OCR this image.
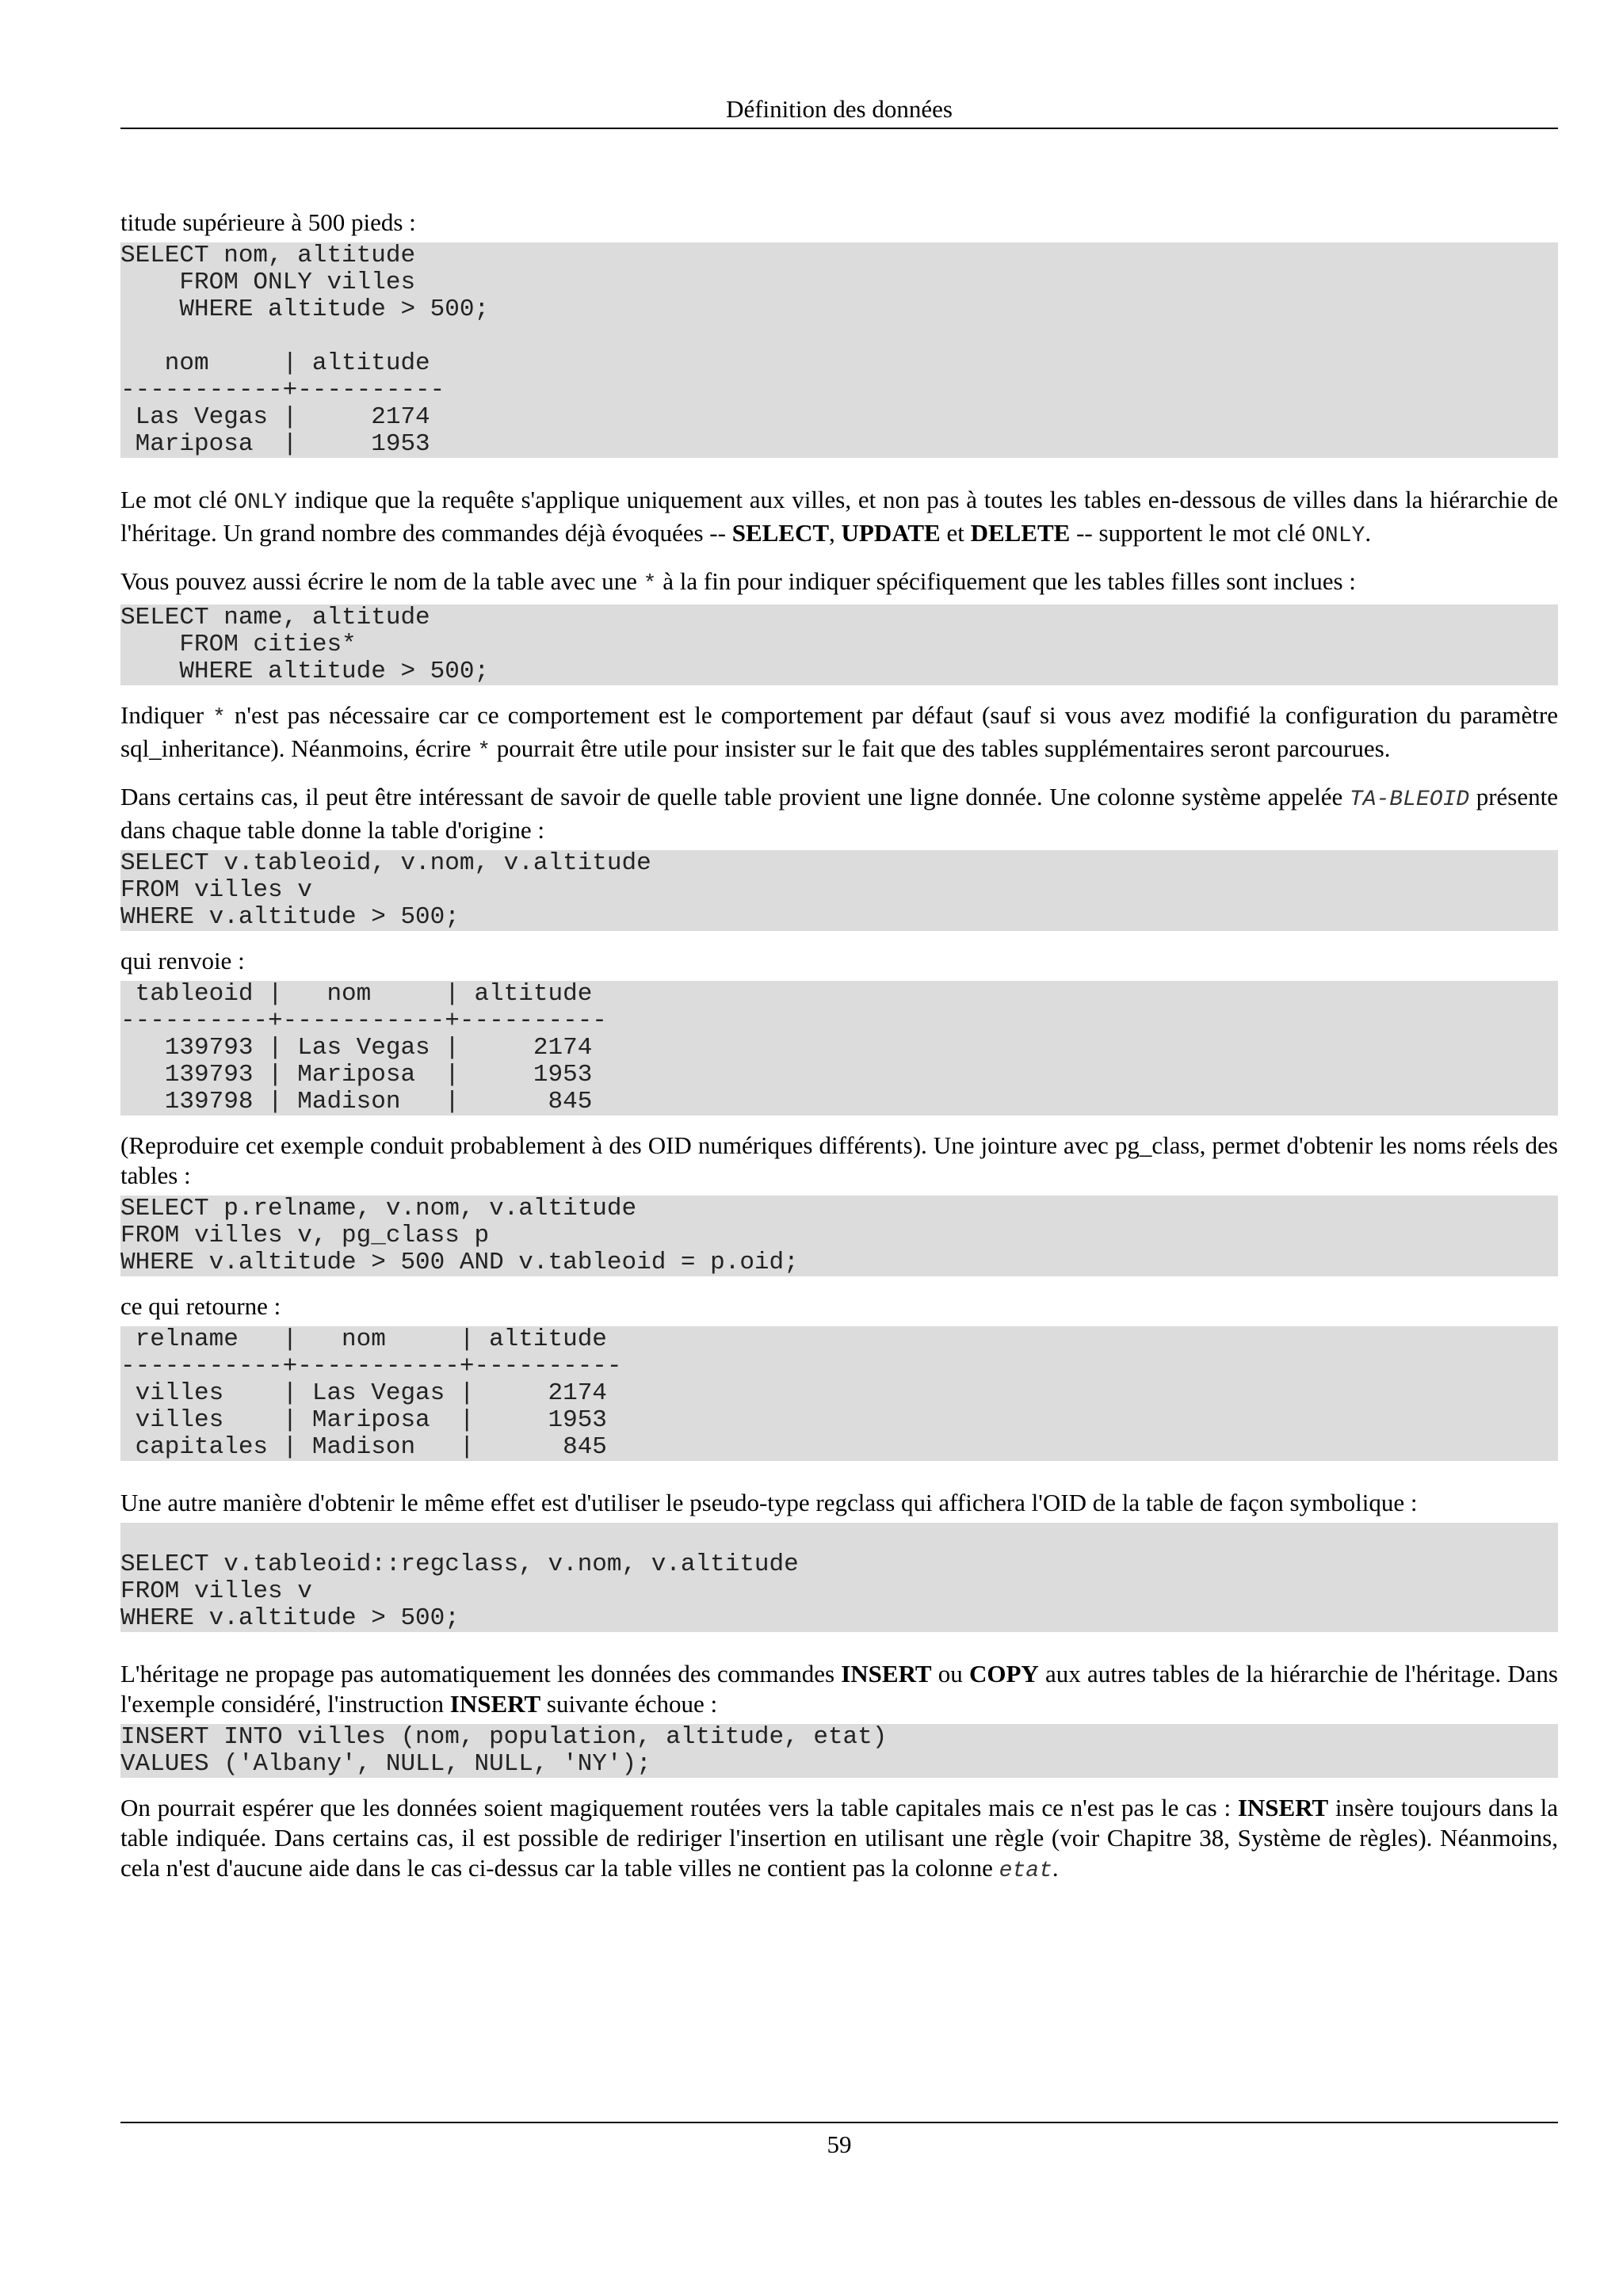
Définition des données

titude supérieure à 500 pieds :

SELECT nom, altitude
FROM ONLY villes
WHERE altitude > 500;

nom     | altitude
-----------+----------
Las Vegas |     2174
Mariposa  |     1953

Le mot clé ONLY indique que la requête s'applique uniquement aux villes, et non pas à toutes les tables en-dessous de villes dans la hiérarchie de l'héritage. Un grand nombre des commandes déjà évoquées -- SELECT, UPDATE et DELETE -- supportent le mot clé ONLY.

Vous pouvez aussi écrire le nom de la table avec une * à la fin pour indiquer spécifiquement que les tables filles sont inclues :

SELECT name, altitude
FROM cities*
WHERE altitude > 500;

Indiquer * n'est pas nécessaire car ce comportement est le comportement par défaut (sauf si vous avez modifié la configuration du paramètre sql_inheritance). Néanmoins, écrire * pourrait être utile pour insister sur le fait que des tables supplémentaires seront parcourues.

Dans certains cas, il peut être intéressant de savoir de quelle table provient une ligne donnée. Une colonne système appelée TA-BLEOID présente dans chaque table donne la table d'origine :

SELECT v.tableoid, v.nom, v.altitude
FROM villes v
WHERE v.altitude > 500;

qui renvoie :

tableoid |   nom     | altitude
----------+-----------+----------
139793 | Las Vegas |     2174
139793 | Mariposa  |     1953
139798 | Madison   |      845

(Reproduire cet exemple conduit probablement à des OID numériques différents). Une jointure avec pg_class, permet d'obtenir les noms réels des tables :

SELECT p.relname, v.nom, v.altitude
FROM villes v, pg_class p
WHERE v.altitude > 500 AND v.tableoid = p.oid;

ce qui retourne :

relname   |   nom     | altitude
-----------+-----------+----------
villes    | Las Vegas |     2174
villes    | Mariposa  |     1953
capitales | Madison   |      845

Une autre manière d'obtenir le même effet est d'utiliser le pseudo-type regclass qui affichera l'OID de la table de façon symbolique :

SELECT v.tableoid::regclass, v.nom, v.altitude
FROM villes v
WHERE v.altitude > 500;

L'héritage ne propage pas automatiquement les données des commandes INSERT ou COPY aux autres tables de la hiérarchie de l'héritage. Dans l'exemple considéré, l'instruction INSERT suivante échoue :

INSERT INTO villes (nom, population, altitude, etat)
VALUES ('Albany', NULL, NULL, 'NY');

On pourrait espérer que les données soient magiquement routées vers la table capitales mais ce n'est pas le cas : INSERT insère toujours dans la table indiquée. Dans certains cas, il est possible de rediriger l'insertion en utilisant une règle (voir Chapitre 38, Système de règles). Néanmoins, cela n'est d'aucune aide dans le cas ci-dessus car la table villes ne contient pas la colonne etat.

59
